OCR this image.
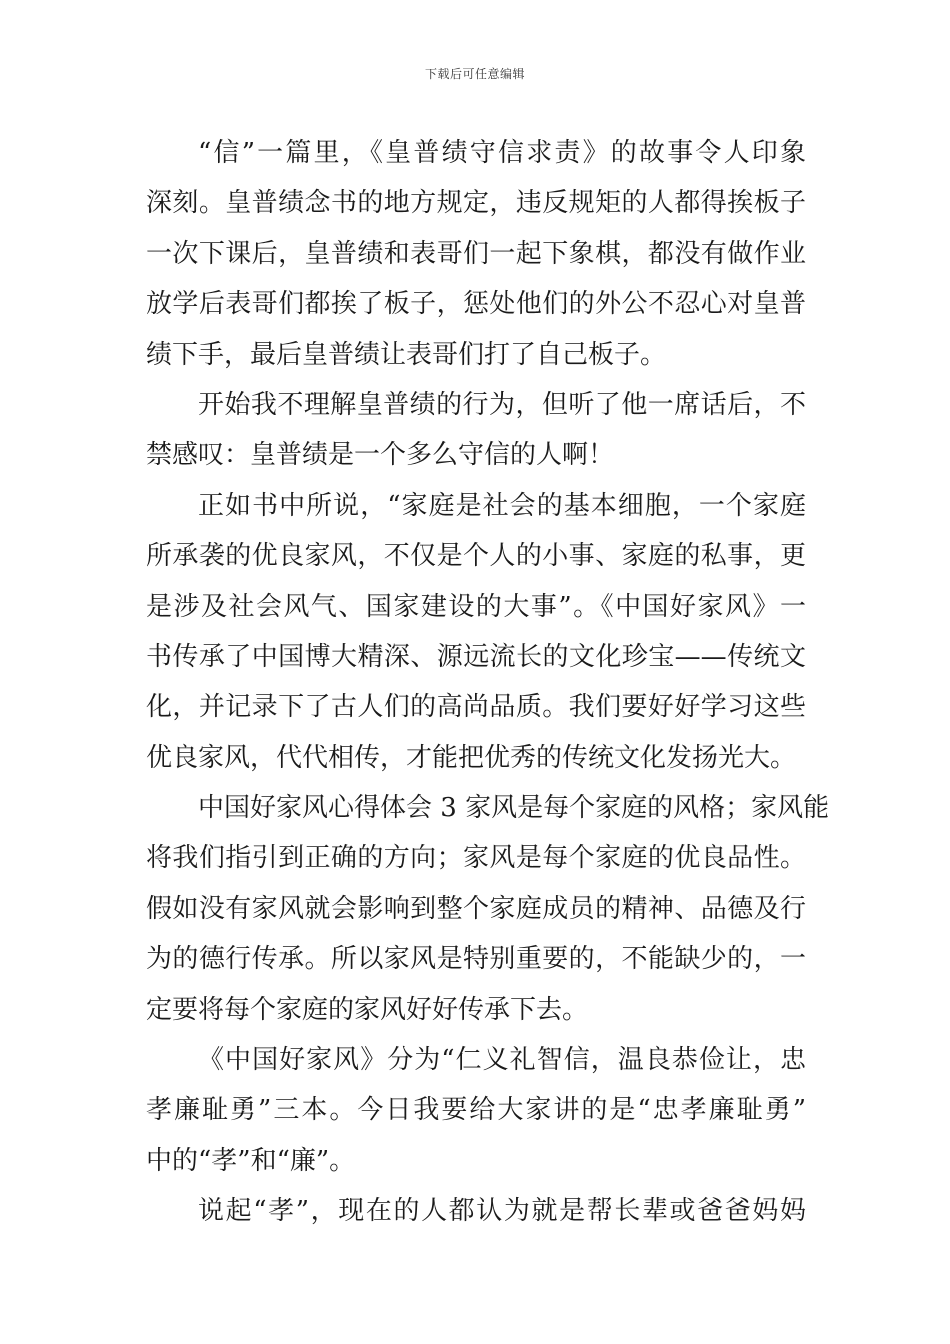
下载后可任意编辑
“信”一篇里，《皇普绩守信求责》的故事令人印象
深刻。皇普绩念书的地方规定，违反规矩的人都得挨板子
一次下课后，皇普绩和表哥们一起下象棋，都没有做作业
放学后表哥们都挨了板子，惩处他们的外公不忍心对皇普
绩下手，最后皇普绩让表哥们打了自己板子。
开始我不理解皇普绩的行为，但听了他一席话后，不
禁感叹：皇普绩是一个多么守信的人啊！
正如书中所说，“家庭是社会的基本细胞，一个家庭
所承袭的优良家风，不仅是个人的小事、家庭的私事，更
是涉及社会风气、国家建设的大事”。《中国好家风》一
书传承了中国博大精深、源远流长的文化珍宝——传统文
化，并记录下了古人们的高尚品质。我们要好好学习这些
优良家风，代代相传，才能把优秀的传统文化发扬光大。
中国好家风心得体会 3 家风是每个家庭的风格；家风能
将我们指引到正确的方向；家风是每个家庭的优良品性。
假如没有家风就会影响到整个家庭成员的精神、品德及行
为的德行传承。所以家风是特别重要的，不能缺少的，一
定要将每个家庭的家风好好传承下去。
《中国好家风》分为“仁义礼智信，温良恭俭让，忠
孝廉耻勇”三本。今日我要给大家讲的是“忠孝廉耻勇”
中的“孝”和“廉”。
说起“孝”，现在的人都认为就是帮长辈或爸爸妈妈
